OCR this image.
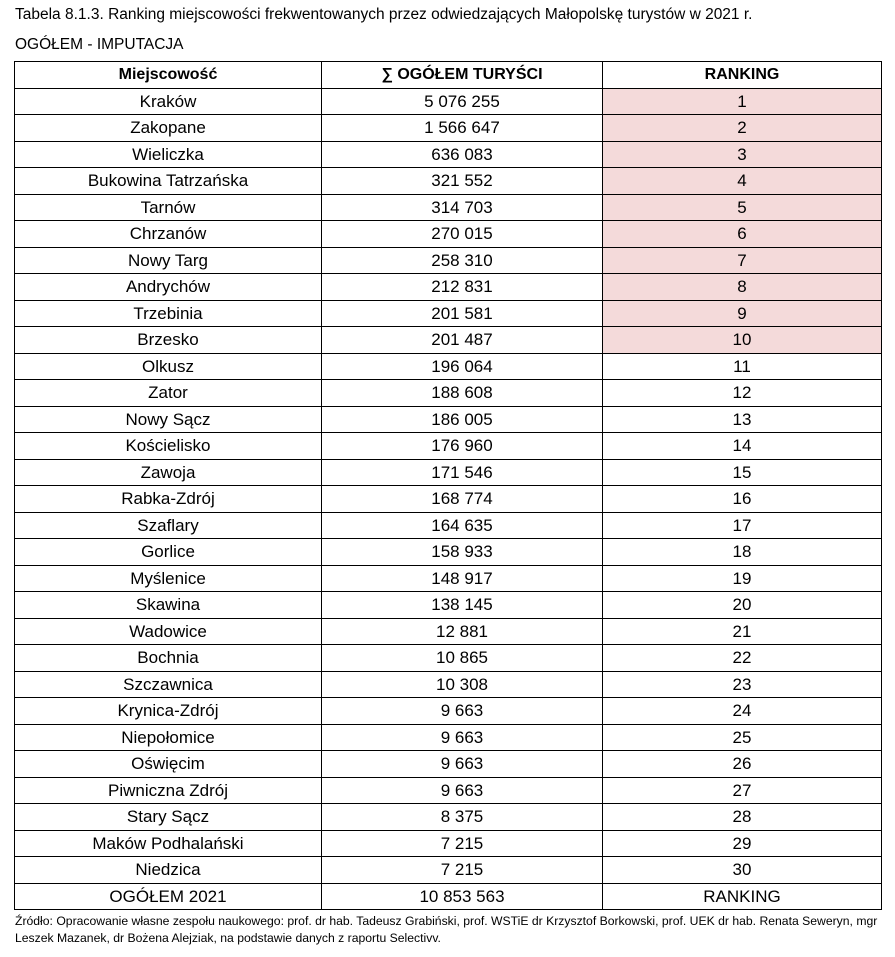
Tabela 8.1.3. Ranking miejscowości frekwentowanych przez odwiedzających Małopolskę turystów w 2021 r.
OGÓŁEM - IMPUTACJA
Miejscowość	∑ OGÓŁEM TURYŚCI	RANKING
Kraków	5 076 255	1
Zakopane	1 566 647	2
Wieliczka	636 083	3
Bukowina Tatrzańska	321 552	4
Tarnów	314 703	5
Chrzanów	270 015	6
Nowy Targ	258 310	7
Andrychów	212 831	8
Trzebinia	201 581	9
Brzesko	201 487	10
Olkusz	196 064	11
Zator	188 608	12
Nowy Sącz	186 005	13
Kościelisko	176 960	14
Zawoja	171 546	15
Rabka-Zdrój	168 774	16
Szaflary	164 635	17
Gorlice	158 933	18
Myślenice	148 917	19
Skawina	138 145	20
Wadowice	12 881	21
Bochnia	10 865	22
Szczawnica	10 308	23
Krynica-Zdrój	9 663	24
Niepołomice	9 663	25
Oświęcim	9 663	26
Piwniczna Zdrój	9 663	27
Stary Sącz	8 375	28
Maków Podhalański	7 215	29
Niedzica	7 215	30
OGÓŁEM 2021	10 853 563	RANKING
Źródło: Opracowanie własne zespołu naukowego: prof. dr hab. Tadeusz Grabiński, prof. WSTiE dr Krzysztof Borkowski, prof. UEK dr hab. Renata Seweryn, mgr Leszek Mazanek, dr Bożena Alejziak, na podstawie danych z raportu Selectivv.
